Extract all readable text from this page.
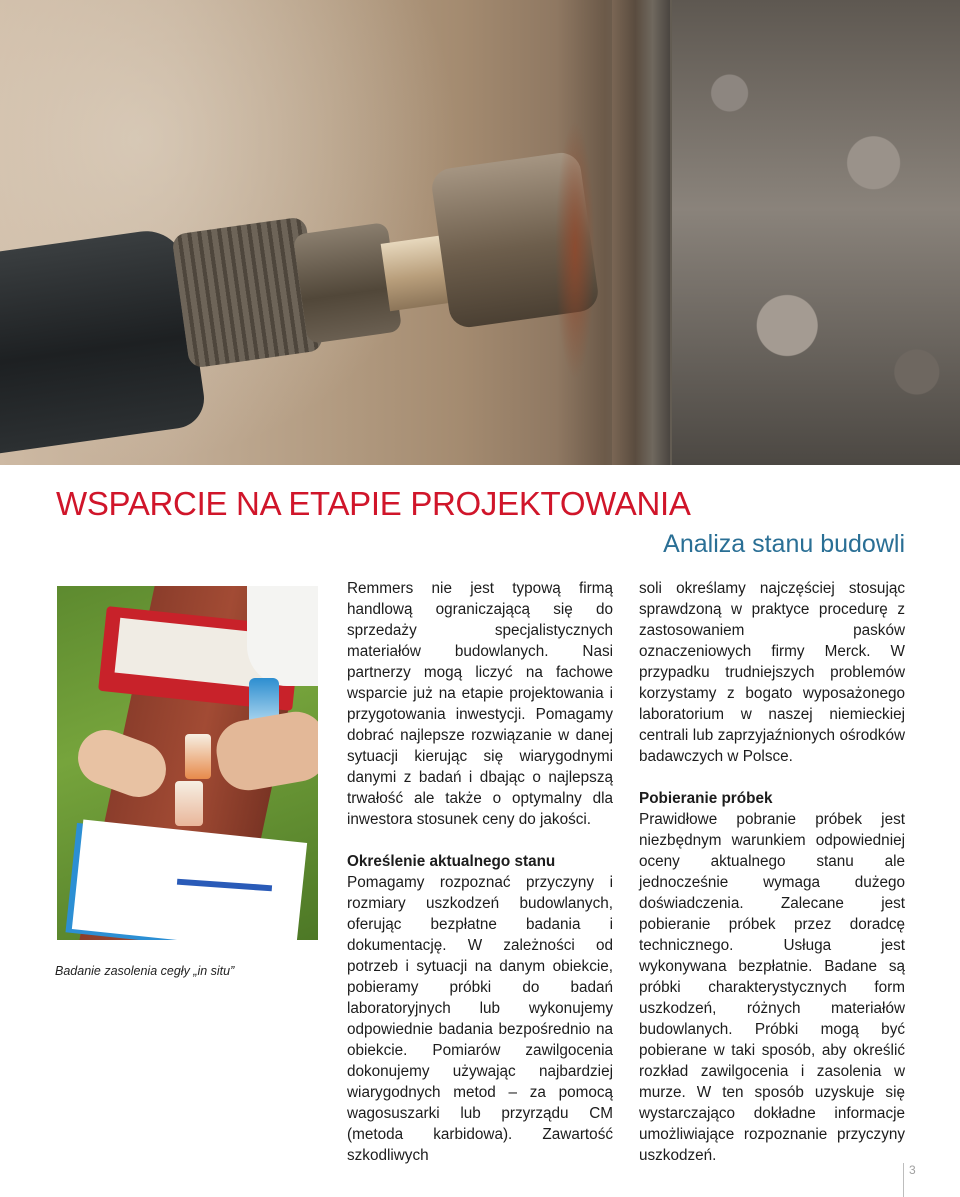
WSPARCIE NA ETAPIE PROJEKTOWANIA
Analiza stanu budowli
Badanie zasolenia cegły „in situ”

Remmers nie jest typową firmą handlową ograniczającą się do sprzedaży specjalistycznych materiałów budowlanych. Nasi partnerzy mogą liczyć na fachowe wsparcie już na etapie projektowania i przygotowania inwestycji. Pomagamy dobrać najlepsze rozwiązanie w danej sytuacji kierując się wiarygodnymi danymi z badań i dbając o najlepszą trwałość ale także o optymalny dla inwestora stosunek ceny do jakości.

Określenie aktualnego stanu

Pomagamy rozpoznać przyczyny i rozmiary uszkodzeń budowlanych, oferując bezpłatne badania i dokumentację. W zależności od potrzeb i sytuacji na danym obiekcie, pobieramy próbki do badań laboratoryjnych lub wykonujemy odpowiednie badania bezpośrednio na obiekcie. Pomiarów zawilgocenia dokonujemy używając najbardziej wiarygodnych metod – za pomocą wagosuszarki lub przyrządu CM (metoda karbidowa). Zawartość szkodliwych

soli określamy najczęściej stosując sprawdzoną w praktyce procedurę z zastosowaniem pasków oznaczeniowych firmy Merck. W przypadku trudniejszych problemów korzystamy z bogato wyposażonego laboratorium w naszej niemieckiej centrali lub zaprzyjaźnionych ośrodków badawczych w Polsce.

Pobieranie próbek

Prawidłowe pobranie próbek jest niezbędnym warunkiem odpowiedniej oceny aktualnego stanu ale jednocześnie wymaga dużego doświadczenia. Zalecane jest pobieranie próbek przez doradcę technicznego. Usługa jest wykonywana bezpłatnie. Badane są próbki charakterystycznych form uszkodzeń, różnych materiałów budowlanych. Próbki mogą być pobierane w taki sposób, aby określić rozkład zawilgocenia i zasolenia w murze. W ten sposób uzyskuje się wystarczająco dokładne informacje umożliwiające rozpoznanie przyczyny uszkodzeń.

3
